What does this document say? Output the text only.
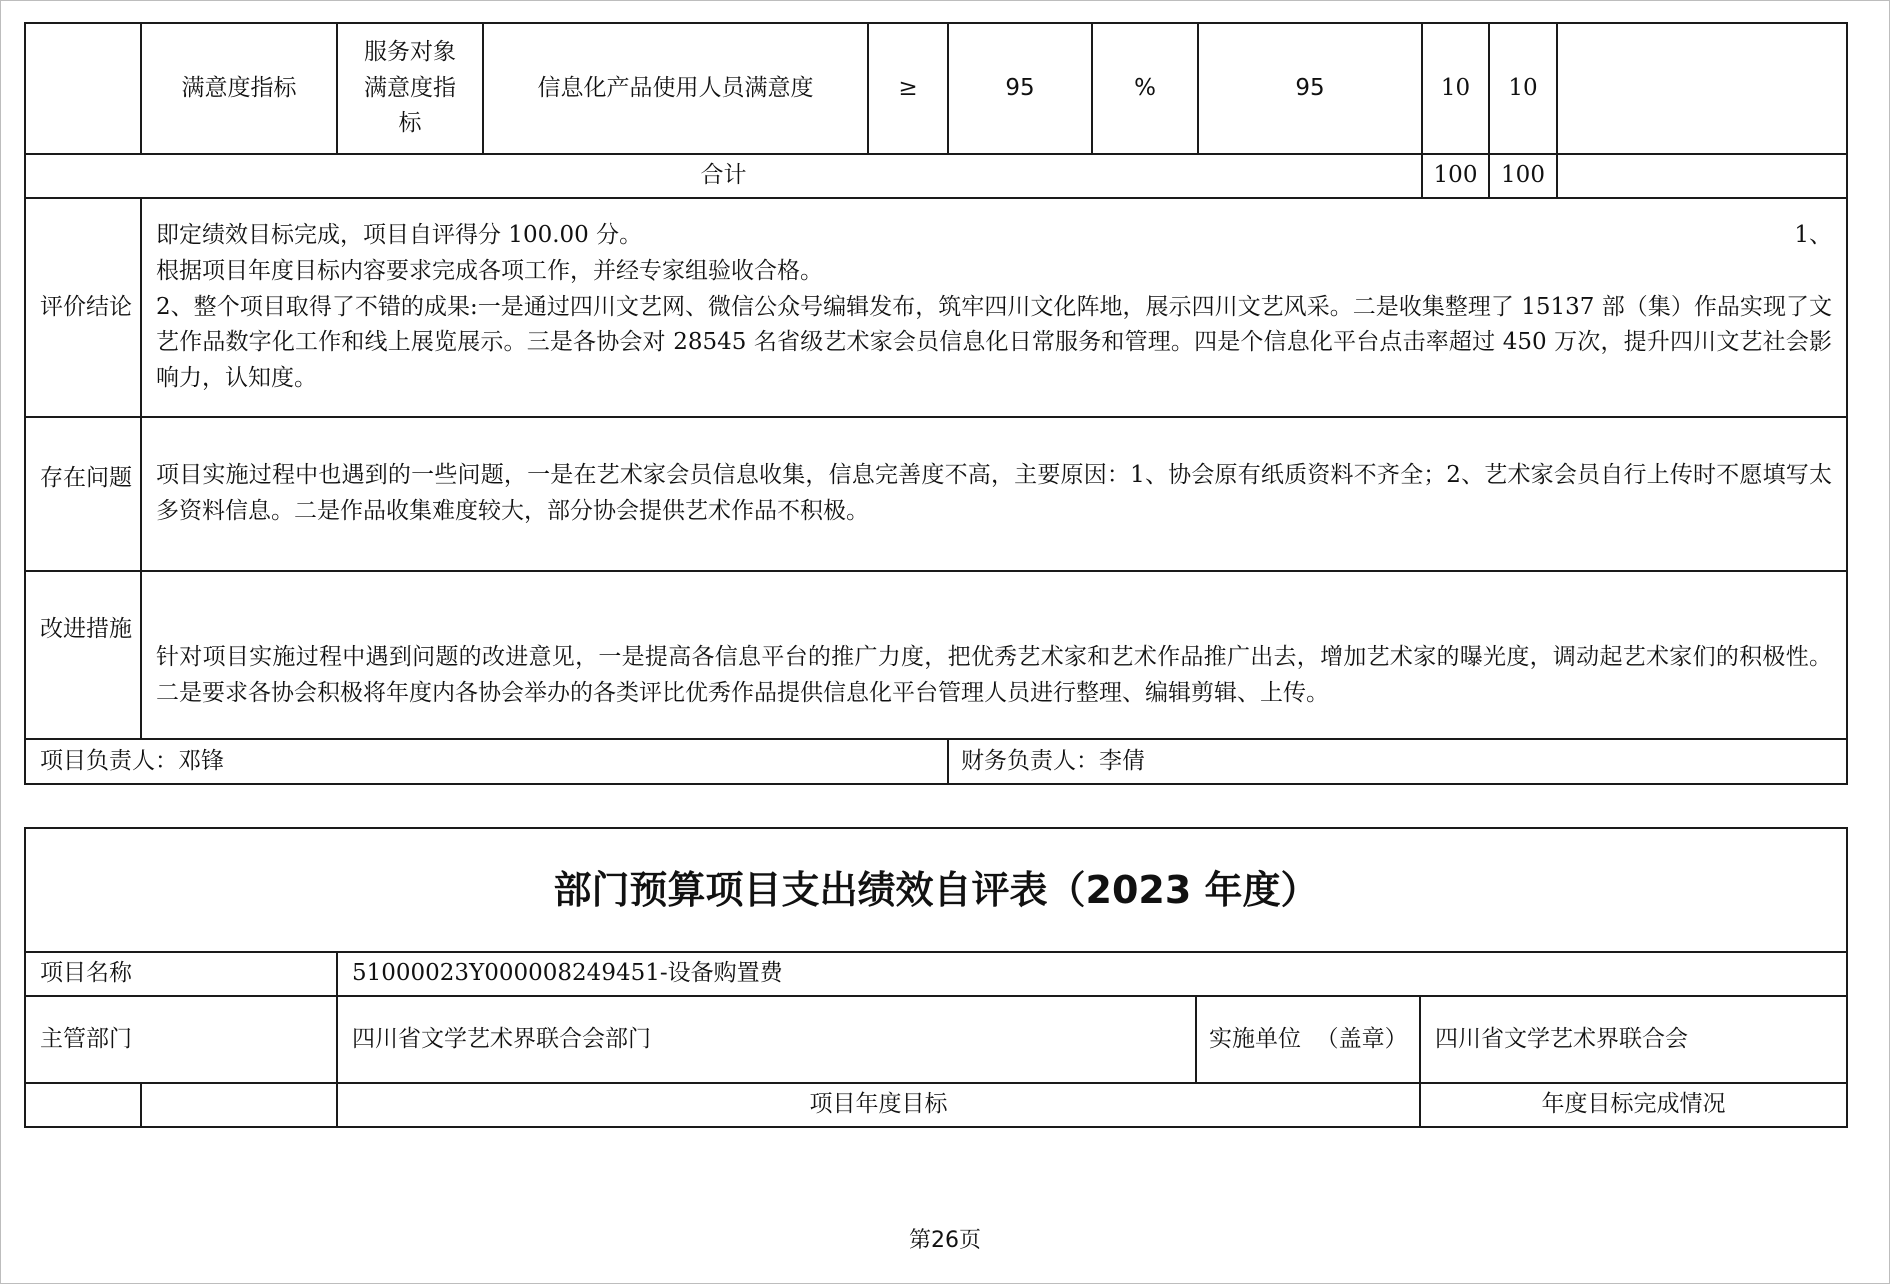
	满意度指标	服务对象满意度指标	信息化产品使用人员满意度	≥	95	%	95	10	10	
合计								100	100	
评价结论	即定绩效目标完成，项目自评得分 100.00 分。 1、

根据项目年度目标内容要求完成各项工作，并经专家组验收合格。

2、整个项目取得了不错的成果:一是通过四川文艺网、微信公众号编辑发布，筑牢四川文化阵地，展示四川文艺风采。二是收集整理了 15137 部（集）作品实现了文艺作品数字化工作和线上展览展示。三是各协会对 28545 名省级艺术家会员信息化日常服务和管理。四是个信息化平台点击率超过 450 万次，提升四川文艺社会影响力，认知度。									

存在问题	项目实施过程中也遇到的一些问题，一是在艺术家会员信息收集，信息完善度不高，主要原因：1、协会原有纸质资料不齐全；2、艺术家会员自行上传时不愿填写太多资料信息。二是作品收集难度较大，部分协会提供艺术作品不积极。									
改进措施	针对项目实施过程中遇到问题的改进意见，一是提高各信息平台的推广力度，把优秀艺术家和艺术作品推广出去，增加艺术家的曝光度，调动起艺术家们的积极性。二是要求各协会积极将年度内各协会举办的各类评比优秀作品提供信息化平台管理人员进行整理、编辑剪辑、上传。									
项目负责人：邓锋					财务负责人：李倩					
部门预算项目支出绩效自评表（2023 年度）				
项目名称		51000023Y000008249451-设备购置费		
主管部门		四川省文学艺术界联合会部门	实施单位  （盖章）	四川省文学艺术界联合会
		项目年度目标		年度目标完成情况
第26页
